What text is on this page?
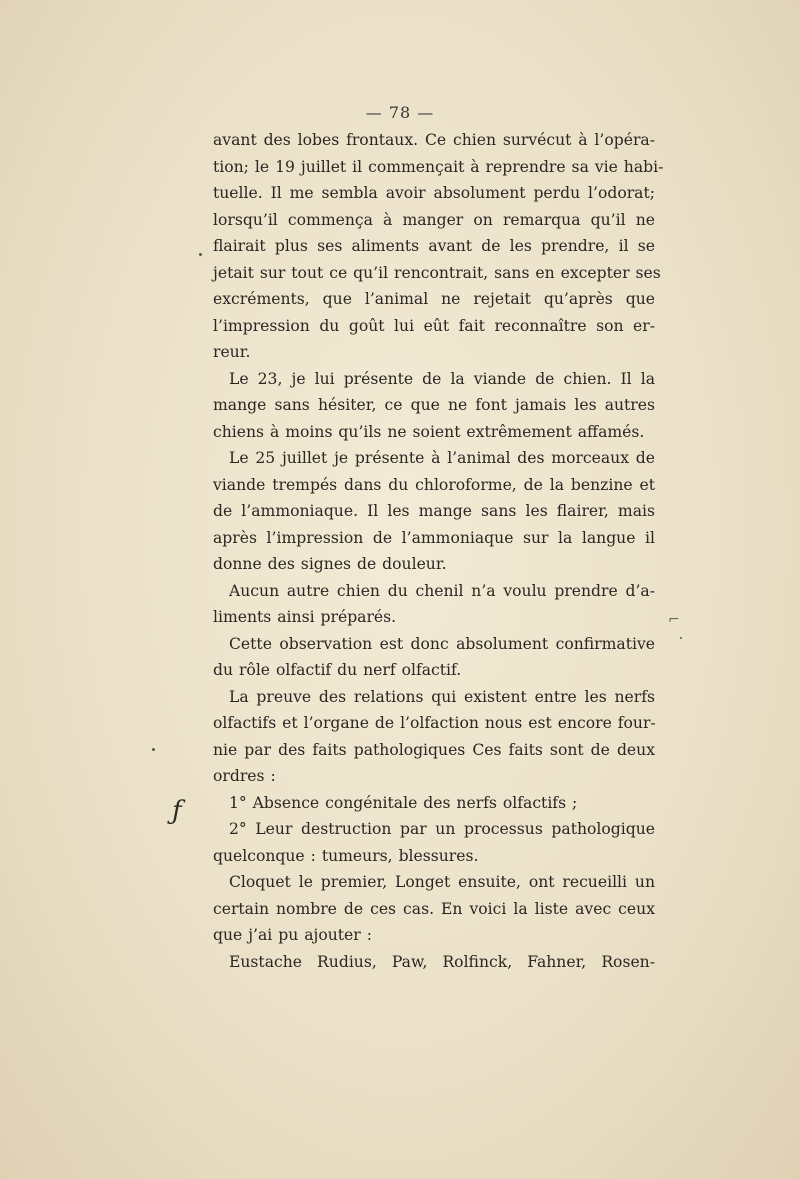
— 78 —
avant des lobes frontaux. Ce chien survécut à l’opéra-
tion; le 19 juillet il commençait à reprendre sa vie habi-
tuelle. Il me sembla avoir absolument perdu l’odorat;
lorsqu’il commença à manger on remarqua qu’il ne
flairait plus ses aliments avant de les prendre, il se
jetait sur tout ce qu’il rencontrait, sans en excepter ses
excréments, que l’animal ne rejetait qu’après que
l’impression du goût lui eût fait reconnaître son er-
reur.
Le 23, je lui présente de la viande de chien. Il la
mange sans hésiter, ce que ne font jamais les autres
chiens à moins qu’ils ne soient extrêmement affamés.
Le 25 juillet je présente à l’animal des morceaux de
viande trempés dans du chloroforme, de la benzine et
de l’ammoniaque. Il les mange sans les flairer, mais
après l’impression de l’ammoniaque sur la langue il
donne des signes de douleur.
Aucun autre chien du chenil n’a voulu prendre d’a-
liments ainsi préparés.
Cette observation est donc absolument confirmative
du rôle olfactif du nerf olfactif.
La preuve des relations qui existent entre les nerfs
olfactifs et l’organe de l’olfaction nous est encore four-
nie par des faits pathologiques Ces faits sont de deux
ordres :
1° Absence congénitale des nerfs olfactifs ;
2° Leur destruction par un processus pathologique
quelconque : tumeurs, blessures.
Cloquet le premier, Longet ensuite, ont recueilli un
certain nombre de ces cas. En voici la liste avec ceux
que j’ai pu ajouter :
Eustache Rudius, Paw, Rolfinck, Fahner, Rosen-
ƒ
⌐
